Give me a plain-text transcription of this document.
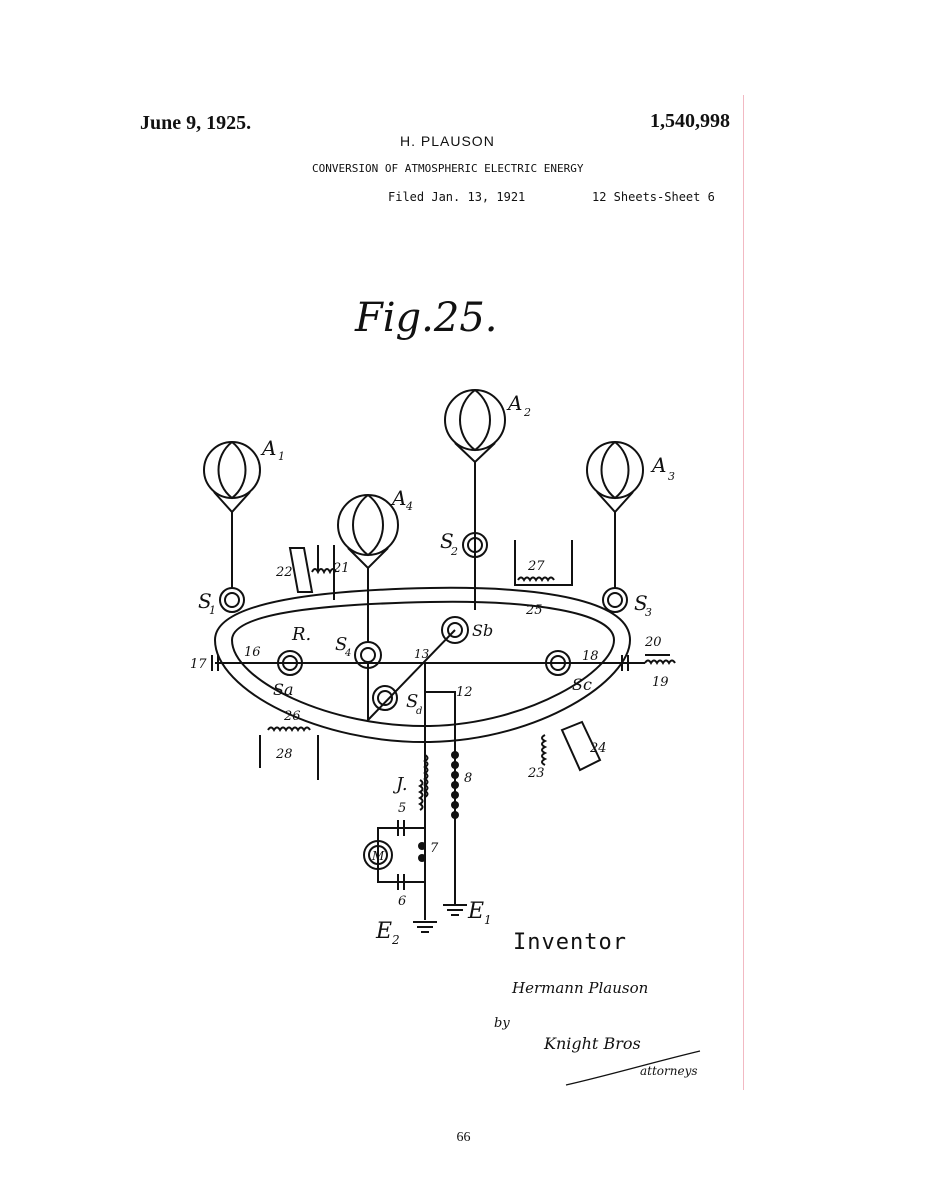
June 9, 1925.	1,540,998
H. PLAUSON
CONVERSION OF ATMOSPHERIC ELECTRIC ENERGY
Filed Jan. 13, 1921	12 Sheets-Sheet 6
Fig.25.
A 1
A 2
A 3
A 4
S
1
S
2
S
3
S
4
Sa
Sb
Sc
S
d
R.
5
6
7
8
12
13
16
17
18
19
20
21
22
23
24
25
26
27
28
J.
M
E 1
E 2	Inventor
Hermann Plauson
by
Knight Bros
attorneys
66
